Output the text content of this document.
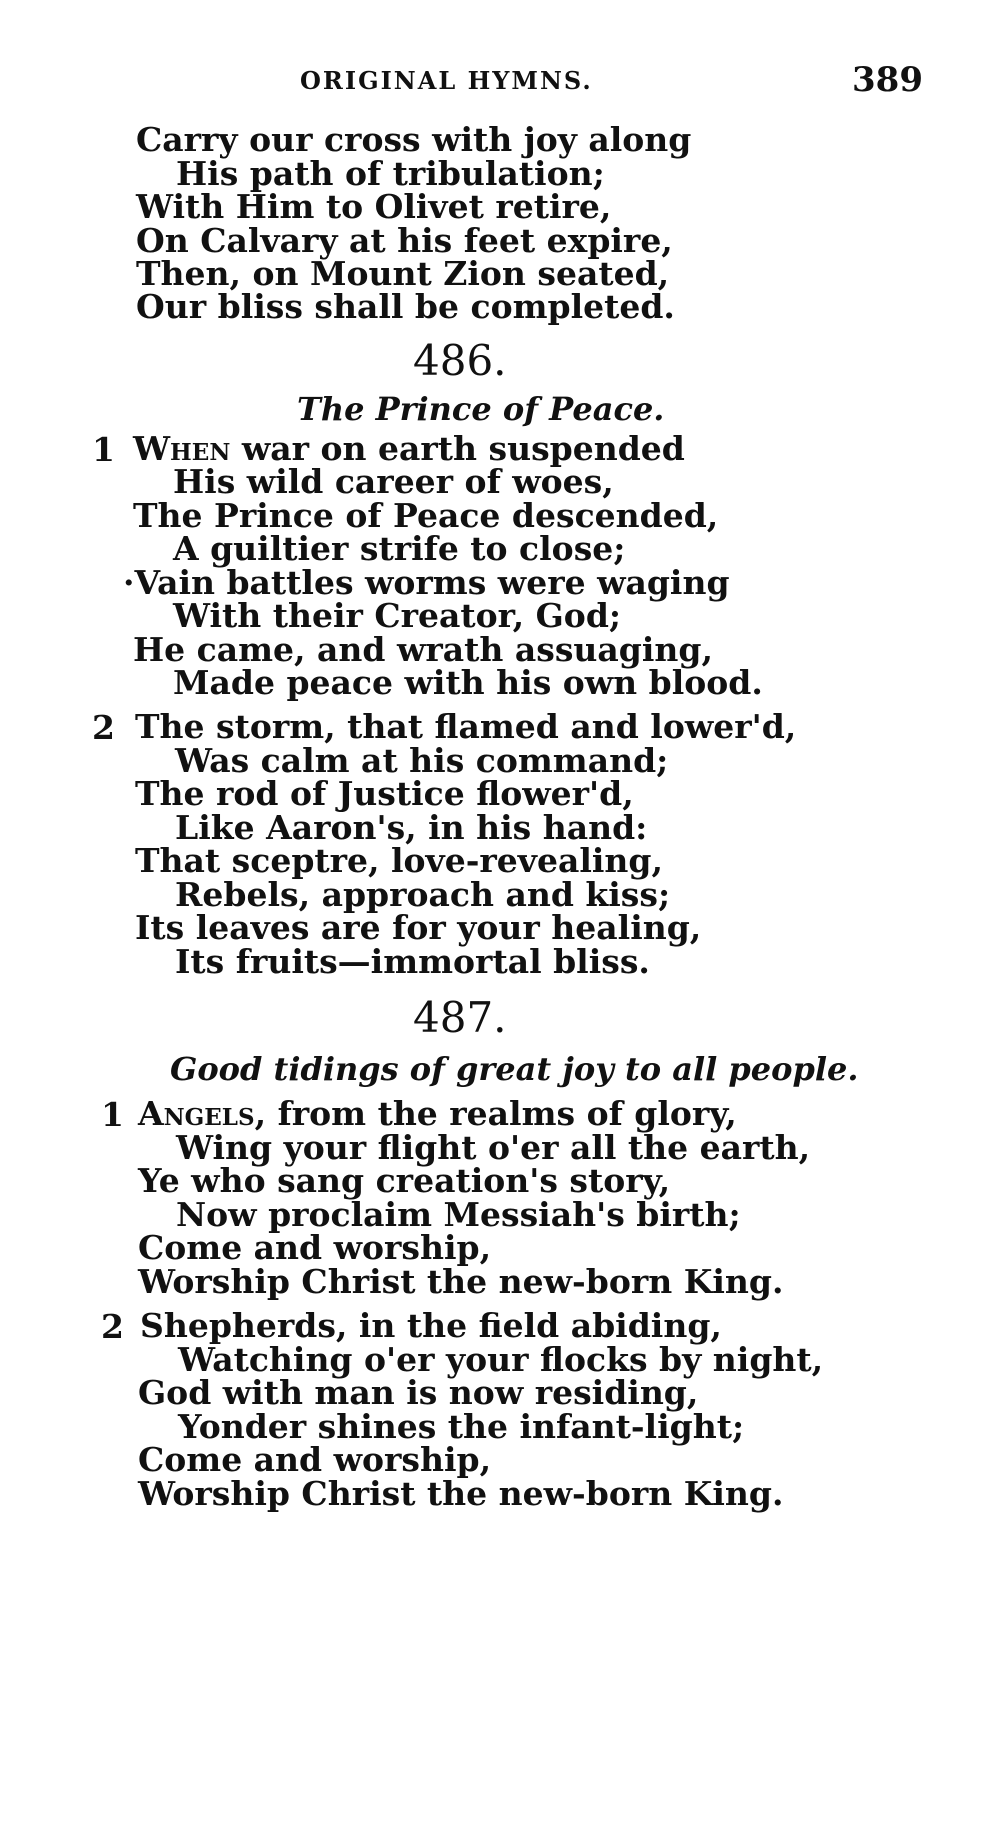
ORIGINAL HYMNS.	389
Carry our cross with joy along
His path of tribulation;
With Him to Olivet retire,
On Calvary at his feet expire,
Then, on Mount Zion seated,
Our bliss shall be completed.
486.
The Prince of Peace.
1 When war on earth suspended
His wild career of woes,
The Prince of Peace descended,
A guiltier strife to close;
·Vain battles worms were waging
With their Creator, God;
He came, and wrath assuaging,
Made peace with his own blood.
2 The storm, that flamed and lower'd,
Was calm at his command;
The rod of Justice flower'd,
Like Aaron's, in his hand:
That sceptre, love-revealing,
Rebels, approach and kiss;
Its leaves are for your healing,
Its fruits—immortal bliss.
487.
Good tidings of great joy to all people.
1 Angels, from the realms of glory,
Wing your flight o'er all the earth,
Ye who sang creation's story,
Now proclaim Messiah's birth;
Come and worship,
Worship Christ the new-born King.
2 Shepherds, in the field abiding,
Watching o'er your flocks by night,
God with man is now residing,
Yonder shines the infant-light;
Come and worship,
Worship Christ the new-born King.
